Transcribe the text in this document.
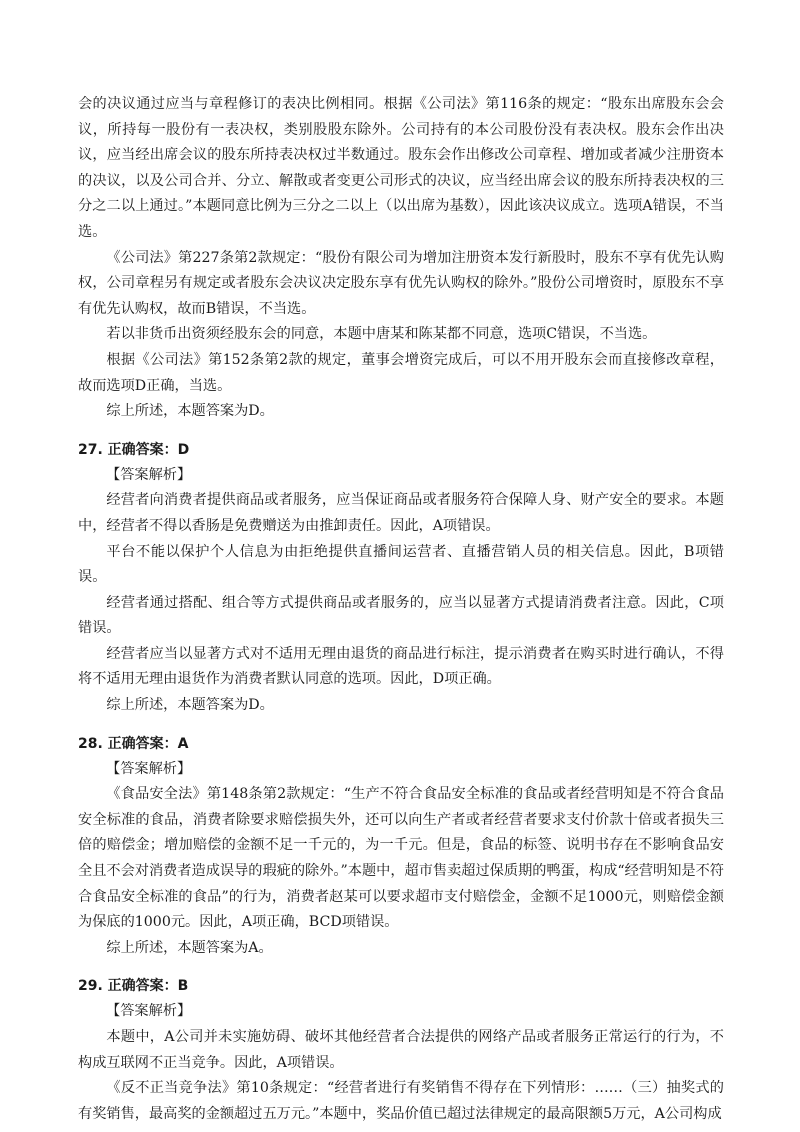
会的决议通过应当与章程修订的表决比例相同。根据《公司法》第116条的规定：“股东出席股东会会议，所持每一股份有一表决权，类别股股东除外。公司持有的本公司股份没有表决权。股东会作出决议，应当经出席会议的股东所持表决权过半数通过。股东会作出修改公司章程、增加或者减少注册资本的决议，以及公司合并、分立、解散或者变更公司形式的决议，应当经出席会议的股东所持表决权的三分之二以上通过。”本题同意比例为三分之二以上（以出席为基数），因此该决议成立。选项A错误，不当选。

《公司法》第227条第2款规定：“股份有限公司为增加注册资本发行新股时，股东不享有优先认购权，公司章程另有规定或者股东会决议决定股东享有优先认购权的除外。”股份公司增资时，原股东不享有优先认购权，故而B错误，不当选。

若以非货币出资须经股东会的同意，本题中唐某和陈某都不同意，选项C错误，不当选。

根据《公司法》第152条第2款的规定，董事会增资完成后，可以不用开股东会而直接修改章程，故而选项D正确，当选。

综上所述，本题答案为D。

27. 正确答案：D

【答案解析】

经营者向消费者提供商品或者服务，应当保证商品或者服务符合保障人身、财产安全的要求。本题中，经营者不得以香肠是免费赠送为由推卸责任。因此，A项错误。

平台不能以保护个人信息为由拒绝提供直播间运营者、直播营销人员的相关信息。因此，B项错误。

经营者通过搭配、组合等方式提供商品或者服务的，应当以显著方式提请消费者注意。因此，C项错误。

经营者应当以显著方式对不适用无理由退货的商品进行标注，提示消费者在购买时进行确认，不得将不适用无理由退货作为消费者默认同意的选项。因此，D项正确。

综上所述，本题答案为D。

28. 正确答案：A

【答案解析】

《食品安全法》第148条第2款规定：“生产不符合食品安全标准的食品或者经营明知是不符合食品安全标准的食品，消费者除要求赔偿损失外，还可以向生产者或者经营者要求支付价款十倍或者损失三倍的赔偿金；增加赔偿的金额不足一千元的，为一千元。但是，食品的标签、说明书存在不影响食品安全且不会对消费者造成误导的瑕疵的除外。”本题中，超市售卖超过保质期的鸭蛋，构成“经营明知是不符合食品安全标准的食品”的行为，消费者赵某可以要求超市支付赔偿金，金额不足1000元，则赔偿金额为保底的1000元。因此，A项正确，BCD项错误。

综上所述，本题答案为A。

29. 正确答案：B

【答案解析】

本题中，A公司并未实施妨碍、破坏其他经营者合法提供的网络产品或者服务正常运行的行为，不构成互联网不正当竞争。因此，A项错误。

《反不正当竞争法》第10条规定：“经营者进行有奖销售不得存在下列情形：……（三）抽奖式的有奖销售，最高奖的金额超过五万元。”本题中，奖品价值已超过法律规定的最高限额5万元，A公司构成
